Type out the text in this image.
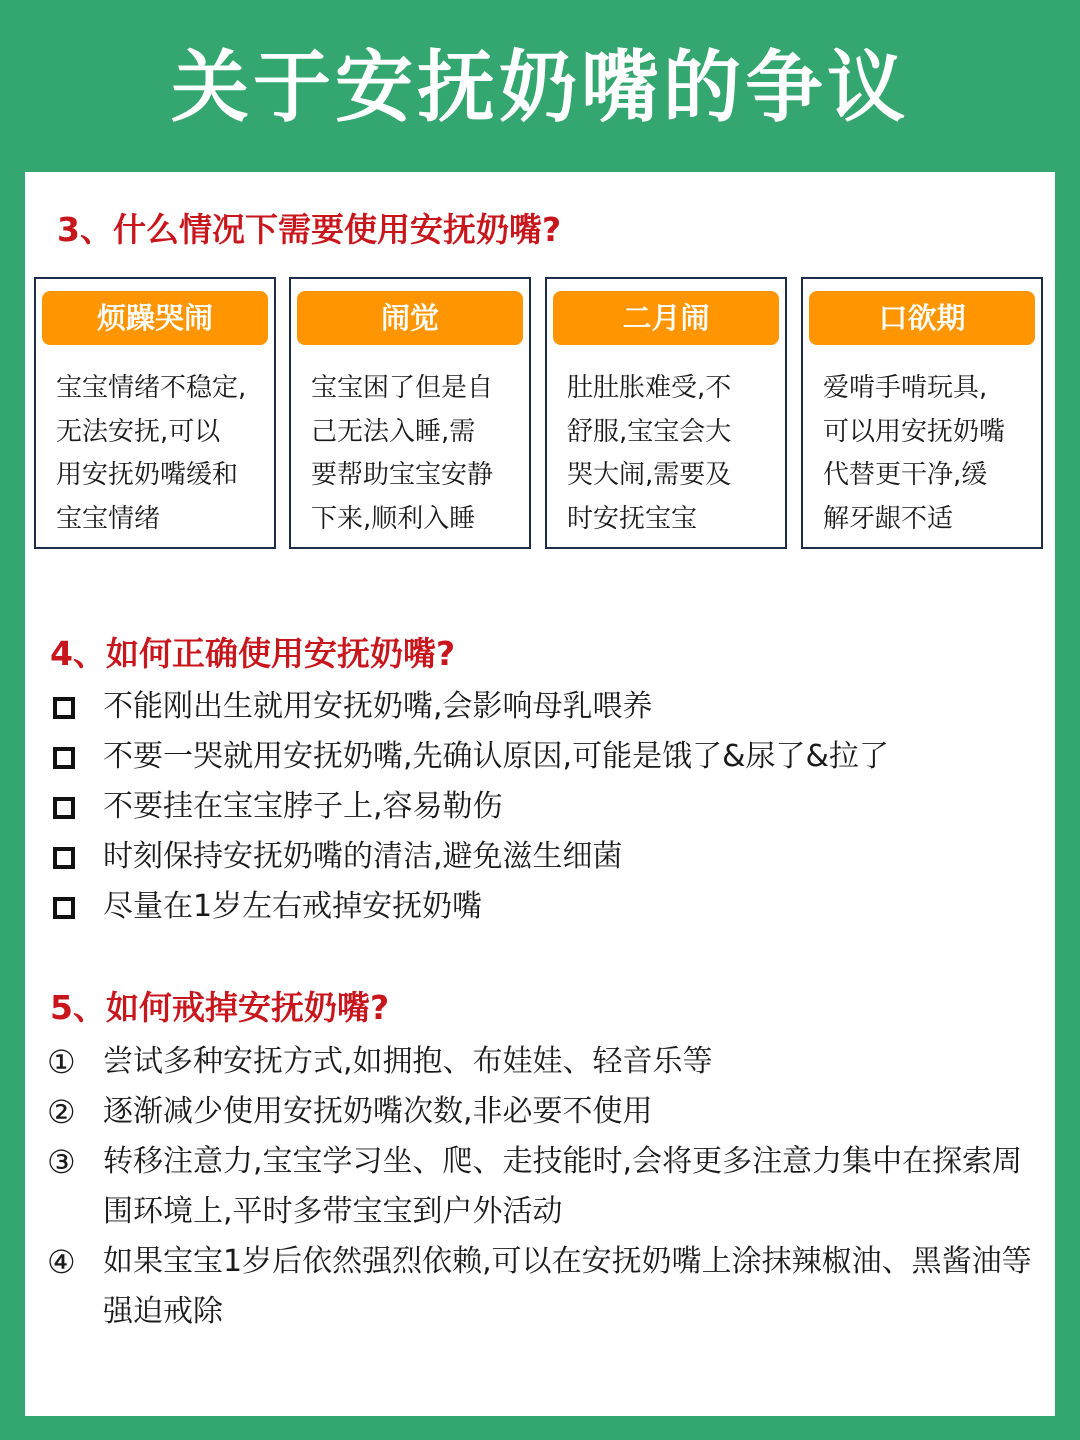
关于安抚奶嘴的争议
3、什么情况下需要使用安抚奶嘴?
烦躁哭闹
宝宝情绪不稳定,
无法安抚,可以
用安抚奶嘴缓和
宝宝情绪
闹觉
宝宝困了但是自
己无法入睡,需
要帮助宝宝安静
下来,顺利入睡
二月闹
肚肚胀难受,不
舒服,宝宝会大
哭大闹,需要及
时安抚宝宝
口欲期
爱啃手啃玩具,
可以用安抚奶嘴
代替更干净,缓
解牙龈不适
4、如何正确使用安抚奶嘴?
不能刚出生就用安抚奶嘴,会影响母乳喂养
不要一哭就用安抚奶嘴,先确认原因,可能是饿了&尿了&拉了
不要挂在宝宝脖子上,容易勒伤
时刻保持安抚奶嘴的清洁,避免滋生细菌
尽量在1岁左右戒掉安抚奶嘴
5、如何戒掉安抚奶嘴?
① 尝试多种安抚方式,如拥抱、布娃娃、轻音乐等
② 逐渐减少使用安抚奶嘴次数,非必要不使用
③ 转移注意力,宝宝学习坐、爬、走技能时,会将更多注意力集中在探索周围环境上,平时多带宝宝到户外活动
④ 如果宝宝1岁后依然强烈依赖,可以在安抚奶嘴上涂抹辣椒油、黑酱油等强迫戒除
